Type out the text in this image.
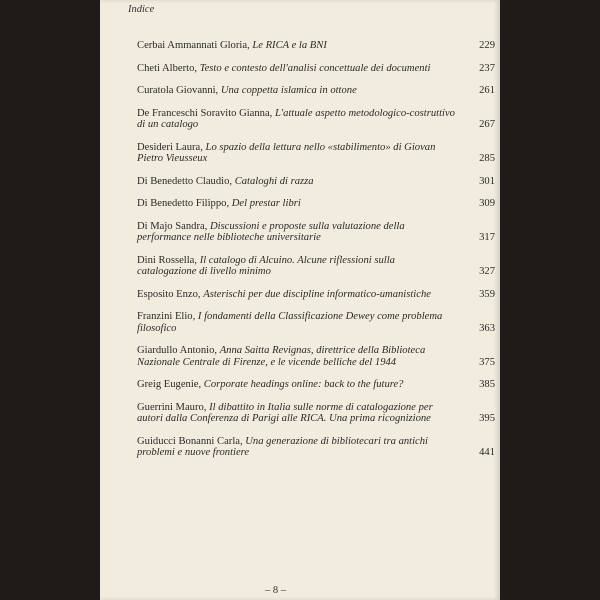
Indice
Cerbai Ammannati Gloria, Le RICA e la BNI	229
Cheti Alberto, Testo e contesto dell'analisi concettuale dei documenti	237
Curatola Giovanni, Una coppetta islamica in ottone	261
De Franceschi Soravito Gianna, L'attuale aspetto metodologico-costruttivo di un catalogo	267
Desideri Laura, Lo spazio della lettura nello «stabilimento» di Giovan Pietro Vieusseux	285
Di Benedetto Claudio, Cataloghi di razza	301
Di Benedetto Filippo, Del prestar libri	309
Di Majo Sandra, Discussioni e proposte sulla valutazione della performance nelle biblioteche universitarie	317
Dini Rossella, Il catalogo di Alcuino. Alcune riflessioni sulla catalogazione di livello minimo	327
Esposito Enzo, Asterischi per due discipline informatico-umanistiche	359
Franzini Elio, I fondamenti della Classificazione Dewey come problema filosofico	363
Giardullo Antonio, Anna Saitta Revignas, direttrice della Biblioteca Nazionale Centrale di Firenze, e le vicende belliche del 1944	375
Greig Eugenie, Corporate headings online: back to the future?	385
Guerrini Mauro, Il dibattito in Italia sulle norme di catalogazione per autori dalla Conferenza di Parigi alle RICA. Una prima ricognizione	395
Guiducci Bonanni Carla, Una generazione di bibliotecari tra antichi problemi e nuove frontiere	441
– 8 –
